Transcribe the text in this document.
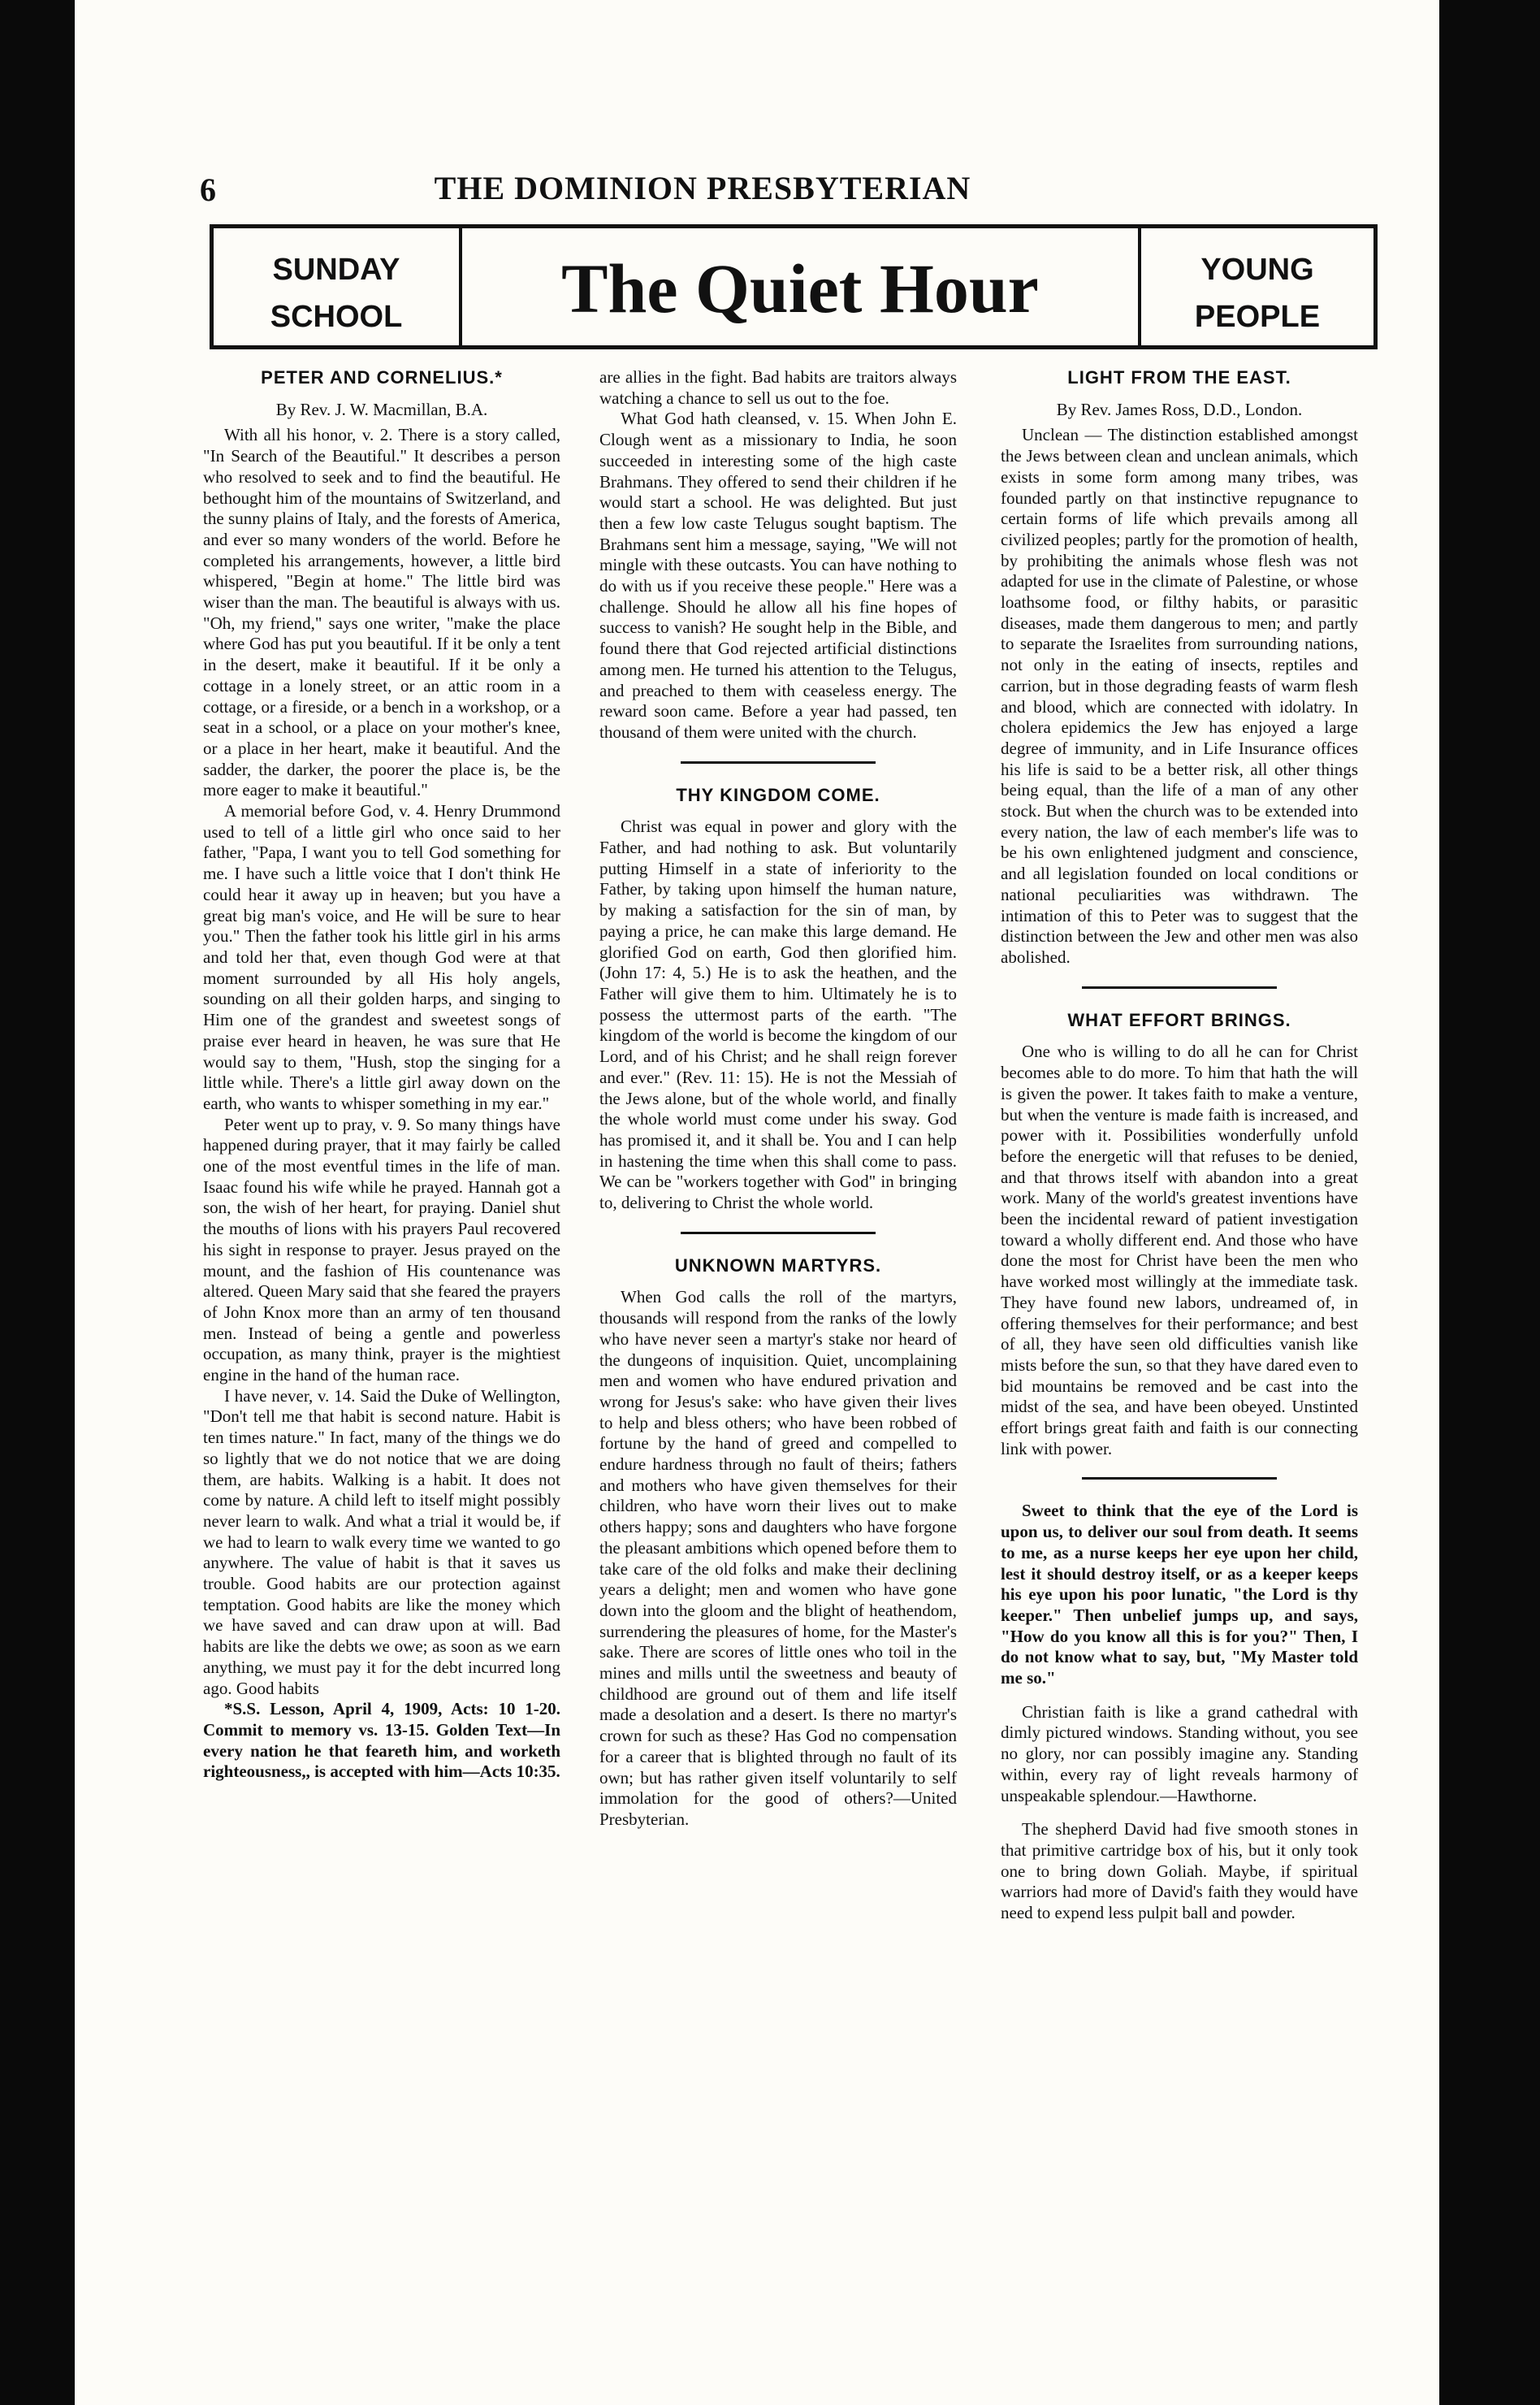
6	THE DOMINION PRESBYTERIAN
SUNDAY
SCHOOL	The Quiet Hour	YOUNG
PEOPLE
PETER AND CORNELIUS.*
By Rev. J. W. Macmillan, B.A.

With all his honor, v. 2. There is a story called, "In Search of the Beautiful." It describes a person who resolved to seek and to find the beautiful. He bethought him of the mountains of Switzerland, and the sunny plains of Italy, and the forests of America, and ever so many wonders of the world. Before he completed his arrangements, however, a little bird whispered, "Begin at home." The little bird was wiser than the man. The beautiful is always with us. "Oh, my friend," says one writer, "make the place where God has put you beautiful. If it be only a tent in the desert, make it beautiful. If it be only a cottage in a lonely street, or an attic room in a cottage, or a fireside, or a bench in a workshop, or a seat in a school, or a place on your mother's knee, or a place in her heart, make it beautiful. And the sadder, the darker, the poorer the place is, be the more eager to make it beautiful."

A memorial before God, v. 4. Henry Drummond used to tell of a little girl who once said to her father, "Papa, I want you to tell God something for me. I have such a little voice that I don't think He could hear it away up in heaven; but you have a great big man's voice, and He will be sure to hear you." Then the father took his little girl in his arms and told her that, even though God were at that moment surrounded by all His holy angels, sounding on all their golden harps, and singing to Him one of the grandest and sweetest songs of praise ever heard in heaven, he was sure that He would say to them, "Hush, stop the singing for a little while. There's a little girl away down on the earth, who wants to whisper something in my ear."

Peter went up to pray, v. 9. So many things have happened during prayer, that it may fairly be called one of the most eventful times in the life of man. Isaac found his wife while he prayed. Hannah got a son, the wish of her heart, for praying. Daniel shut the mouths of lions with his prayers Paul recovered his sight in response to prayer. Jesus prayed on the mount, and the fashion of His countenance was altered. Queen Mary said that she feared the prayers of John Knox more than an army of ten thousand men. Instead of being a gentle and powerless occupation, as many think, prayer is the mightiest engine in the hand of the human race.

I have never, v. 14. Said the Duke of Wellington, "Don't tell me that habit is second nature. Habit is ten times nature." In fact, many of the things we do so lightly that we do not notice that we are doing them, are habits. Walking is a habit. It does not come by nature. A child left to itself might possibly never learn to walk. And what a trial it would be, if we had to learn to walk every time we wanted to go anywhere. The value of habit is that it saves us trouble. Good habits are our protection against temptation. Good habits are like the money which we have saved and can draw upon at will. Bad habits are like the debts we owe; as soon as we earn anything, we must pay it for the debt incurred long ago. Good habits

*S.S. Lesson, April 4, 1909, Acts: 10 1-20. Commit to memory vs. 13-15. Golden Text—In every nation he that feareth him, and worketh righteousness,, is accepted with him—Acts 10:35.

are allies in the fight. Bad habits are traitors always watching a chance to sell us out to the foe.

What God hath cleansed, v. 15. When John E. Clough went as a missionary to India, he soon succeeded in interesting some of the high caste Brahmans. They offered to send their children if he would start a school. He was delighted. But just then a few low caste Telugus sought baptism. The Brahmans sent him a message, saying, "We will not mingle with these outcasts. You can have nothing to do with us if you receive these people." Here was a challenge. Should he allow all his fine hopes of success to vanish? He sought help in the Bible, and found there that God rejected artificial distinctions among men. He turned his attention to the Telugus, and preached to them with ceaseless energy. The reward soon came. Before a year had passed, ten thousand of them were united with the church.

THY KINGDOM COME.

Christ was equal in power and glory with the Father, and had nothing to ask. But voluntarily putting Himself in a state of inferiority to the Father, by taking upon himself the human nature, by making a satisfaction for the sin of man, by paying a price, he can make this large demand. He glorified God on earth, God then glorified him. (John 17: 4, 5.) He is to ask the heathen, and the Father will give them to him. Ultimately he is to possess the uttermost parts of the earth. "The kingdom of the world is become the kingdom of our Lord, and of his Christ; and he shall reign forever and ever." (Rev. 11: 15). He is not the Messiah of the Jews alone, but of the whole world, and finally the whole world must come under his sway. God has promised it, and it shall be. You and I can help in hastening the time when this shall come to pass. We can be "workers together with God" in bringing to, delivering to Christ the whole world.

UNKNOWN MARTYRS.

When God calls the roll of the martyrs, thousands will respond from the ranks of the lowly who have never seen a martyr's stake nor heard of the dungeons of inquisition. Quiet, uncomplaining men and women who have endured privation and wrong for Jesus's sake: who have given their lives to help and bless others; who have been robbed of fortune by the hand of greed and compelled to endure hardness through no fault of theirs; fathers and mothers who have given themselves for their children, who have worn their lives out to make others happy; sons and daughters who have forgone the pleasant ambitions which opened before them to take care of the old folks and make their declining years a delight; men and women who have gone down into the gloom and the blight of heathendom, surrendering the pleasures of home, for the Master's sake. There are scores of little ones who toil in the mines and mills until the sweetness and beauty of childhood are ground out of them and life itself made a desolation and a desert. Is there no martyr's crown for such as these? Has God no compensation for a career that is blighted through no fault of its own; but has rather given itself voluntarily to self immolation for the good of others?—United Presbyterian.

LIGHT FROM THE EAST.
By Rev. James Ross, D.D., London.

Unclean — The distinction established amongst the Jews between clean and unclean animals, which exists in some form among many tribes, was founded partly on that instinctive repugnance to certain forms of life which prevails among all civilized peoples; partly for the promotion of health, by prohibiting the animals whose flesh was not adapted for use in the climate of Palestine, or whose loathsome food, or filthy habits, or parasitic diseases, made them dangerous to men; and partly to separate the Israelites from surrounding nations, not only in the eating of insects, reptiles and carrion, but in those degrading feasts of warm flesh and blood, which are connected with idolatry. In cholera epidemics the Jew has enjoyed a large degree of immunity, and in Life Insurance offices his life is said to be a better risk, all other things being equal, than the life of a man of any other stock. But when the church was to be extended into every nation, the law of each member's life was to be his own enlightened judgment and conscience, and all legislation founded on local conditions or national peculiarities was withdrawn. The intimation of this to Peter was to suggest that the distinction between the Jew and other men was also abolished.

WHAT EFFORT BRINGS.

One who is willing to do all he can for Christ becomes able to do more. To him that hath the will is given the power. It takes faith to make a venture, but when the venture is made faith is increased, and power with it. Possibilities wonderfully unfold before the energetic will that refuses to be denied, and that throws itself with abandon into a great work. Many of the world's greatest inventions have been the incidental reward of patient investigation toward a wholly different end. And those who have done the most for Christ have been the men who have worked most willingly at the immediate task. They have found new labors, undreamed of, in offering themselves for their performance; and best of all, they have seen old difficulties vanish like mists before the sun, so that they have dared even to bid mountains be removed and be cast into the midst of the sea, and have been obeyed. Unstinted effort brings great faith and faith is our connecting link with power.

Sweet to think that the eye of the Lord is upon us, to deliver our soul from death. It seems to me, as a nurse keeps her eye upon her child, lest it should destroy itself, or as a keeper keeps his eye upon his poor lunatic, "the Lord is thy keeper." Then unbelief jumps up, and says, "How do you know all this is for you?" Then, I do not know what to say, but, "My Master told me so."

Christian faith is like a grand cathedral with dimly pictured windows. Standing without, you see no glory, nor can possibly imagine any. Standing within, every ray of light reveals harmony of unspeakable splendour.—Hawthorne.

The shepherd David had five smooth stones in that primitive cartridge box of his, but it only took one to bring down Goliah. Maybe, if spiritual warriors had more of David's faith they would have need to expend less pulpit ball and powder.
